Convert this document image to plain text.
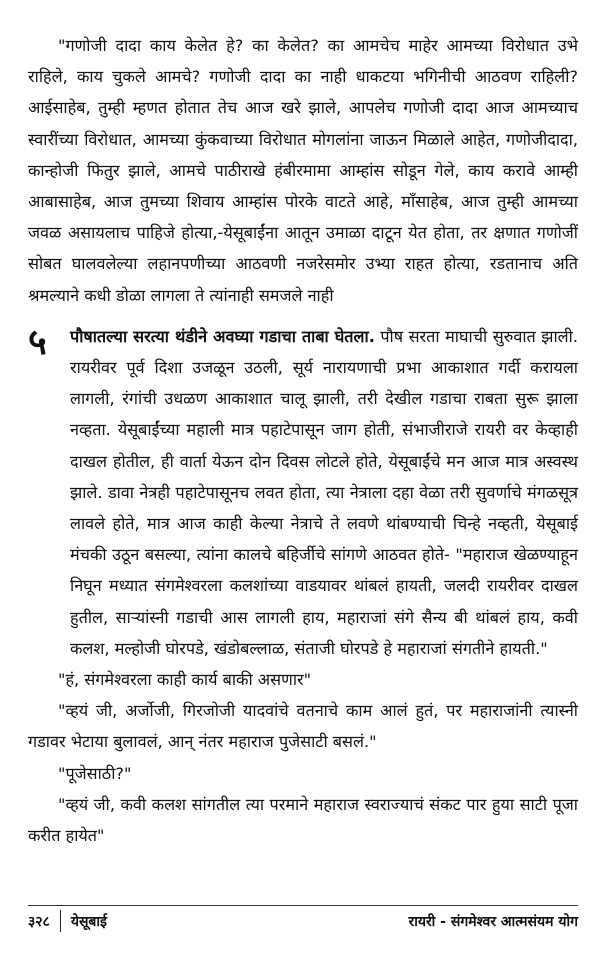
"गणोजी दादा काय केलेत हे? का केलेत? का आमचेच माहेर आमच्या विरोधात उभे राहिले, काय चुकले आमचे? गणोजी दादा का नाही धाकटया भगिनीची आठवण राहिली? आईसाहेब, तुम्ही म्हणत होतात तेच आज खरे झाले, आपलेच गणोजी दादा आज आमच्याच स्वारींच्या विरोधात, आमच्या कुंकवाच्या विरोधात मोगलांना जाऊन मिळाले आहेत, गणोजीदादा, कान्होजी फितुर झाले, आमचे पाठीराखे हंबीरमामा आम्हांस सोडून गेले, काय करावे आम्ही आबासाहेब, आज तुमच्या शिवाय आम्हांस पोरके वाटते आहे, मॉंसाहेब, आज तुम्ही आमच्या जवळ असायलाच पाहिजे होत्या,-येसूबाईंना आतून उमाळा दाटून येत होता, तर क्षणात गणोजीं सोबत घालवलेल्या लहानपणीच्या आठवणी नजरेसमोर उभ्या राहत होत्या, रडतानाच अति श्रमल्याने कधी डोळा लागला ते त्यांनाही समजले नाही

५	पौषातल्या सरत्या थंडीने अवघ्या गडाचा ताबा घेतला. पौष सरता माघाची सुरुवात झाली. रायरीवर पूर्व दिशा उजळून उठली, सूर्य नारायणाची प्रभा आकाशात गर्दी करायला लागली, रंगांची उधळण आकाशात चालू झाली, तरी देखील गडाचा राबता सुरू झाला नव्हता. येसूबाईंच्या महाली मात्र पहाटेपासून जाग होती, संभाजीराजे रायरी वर केव्हाही दाखल होतील, ही वार्ता येऊन दोन दिवस लोटले होते, येसूबाईंचे मन आज मात्र अस्वस्थ झाले. डावा नेत्रही पहाटेपासूनच लवत होता, त्या नेत्राला दहा वेळा तरी सुवर्णाचे मंगळसूत्र लावले होते, मात्र आज काही केल्या नेत्राचे ते लवणे थांबण्याची चिन्हे नव्हती, येसूबाई मंचकी उठून बसल्या, त्यांना कालचे बहिर्जीचे सांगणे आठवत होते- "महाराज खेळण्याहून निघून मध्यात संगमेश्वरला कलशांच्या वाडयावर थांबलं हायती, जलदी रायरीवर दाखल हुतील, साऱ्यांस्नी गडाची आस लागली हाय, महाराजां संगे सैन्य बी थांबलं हाय, कवी कलश, मल्होजी घोरपडे, खंडोबल्लाळ, संताजी घोरपडे हे महाराजां संगतीने हायती."

"हं, संगमेश्वरला काही कार्य बाकी असणार"

"व्हयं जी, अर्जोजी, गिरजोजी यादवांचे वतनाचे काम आलं हुतं, पर महाराजांनी त्यास्नी गडावर भेटाया बुलावलं, आन् नंतर महाराज पुजेसाटी बसलं."

"पूजेसाठी?"

"व्हयं जी, कवी कलश सांगतील त्या परमाने महाराज स्वराज्याचं संकट पार हुया साटी पूजा करीत हायेत"

३२८	येसूबाई	रायरी - संगमेश्वर आत्मसंयम योग
